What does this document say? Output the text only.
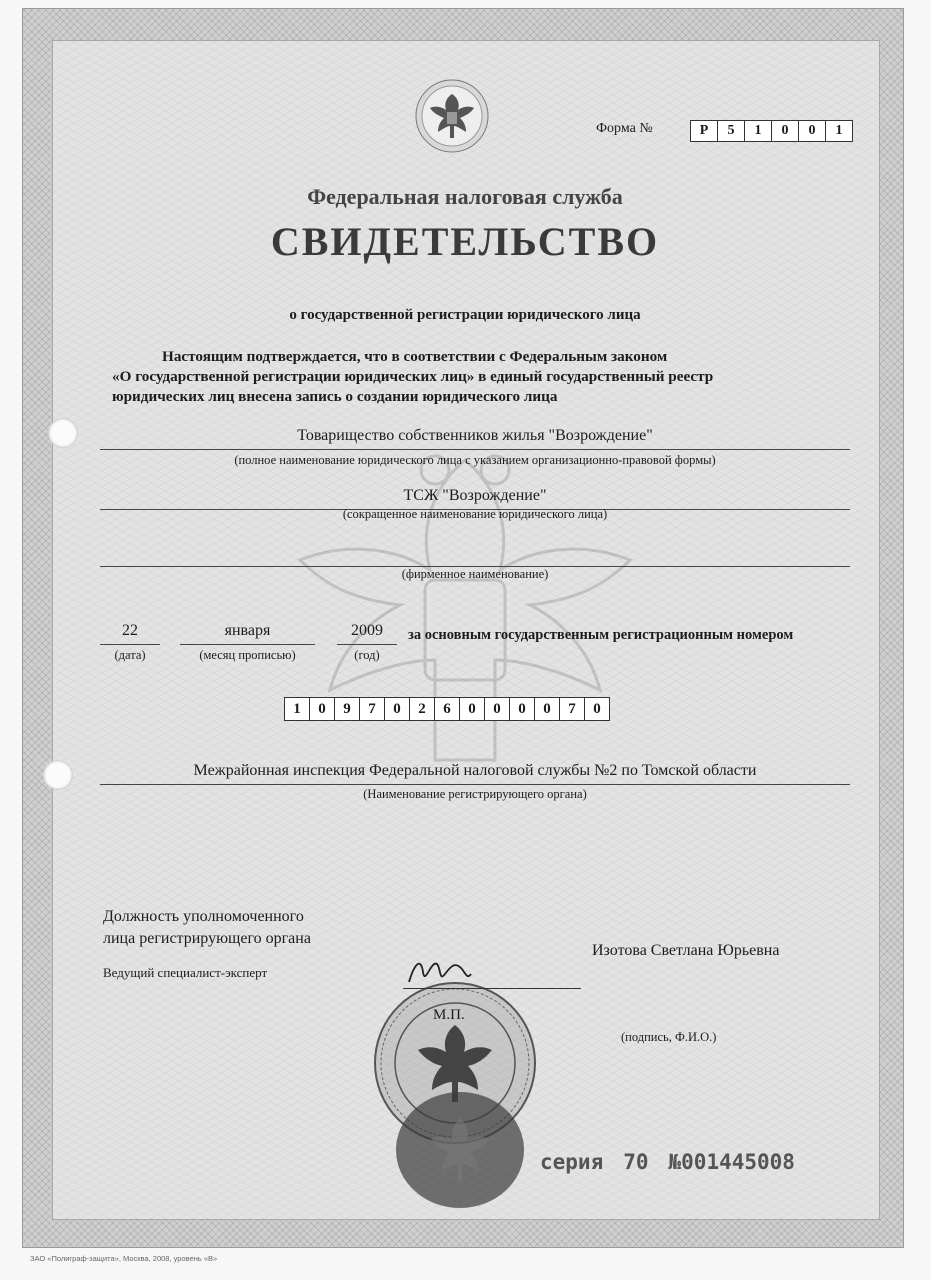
Форма №	Р	5	1	0	0	1
Федеральная налоговая служба
СВИДЕТЕЛЬСТВО
о государственной регистрации юридического лица
Настоящим подтверждается, что в соответствии с Федеральным законом
«О государственной регистрации юридических лиц» в единый государственный реестр
юридических лиц внесена запись о создании юридического лица
Товарищество собственников жилья "Возрождение"
(полное наименование юридического лица с указанием организационно-правовой формы)
ТСЖ "Возрождение"
(сокращенное наименование юридического лица)
(фирменное наименование)
22
(дата)
января
(месяц прописью)
2009
(год)
за основным государственным регистрационным номером
1	0	9	7	0	2	6	0	0	0	0	7	0
Межрайонная инспекция Федеральной налоговой службы №2 по Томской области
(Наименование регистрирующего органа)
Должность уполномоченного
лица регистрирующего органа
Изотова Светлана Юрьевна
Ведущий специалист-эксперт
М.П.
(подпись, Ф.И.О.)
серия 70 №001445008
ЗАО «Полиграф-защита», Москва, 2008, уровень «В»
